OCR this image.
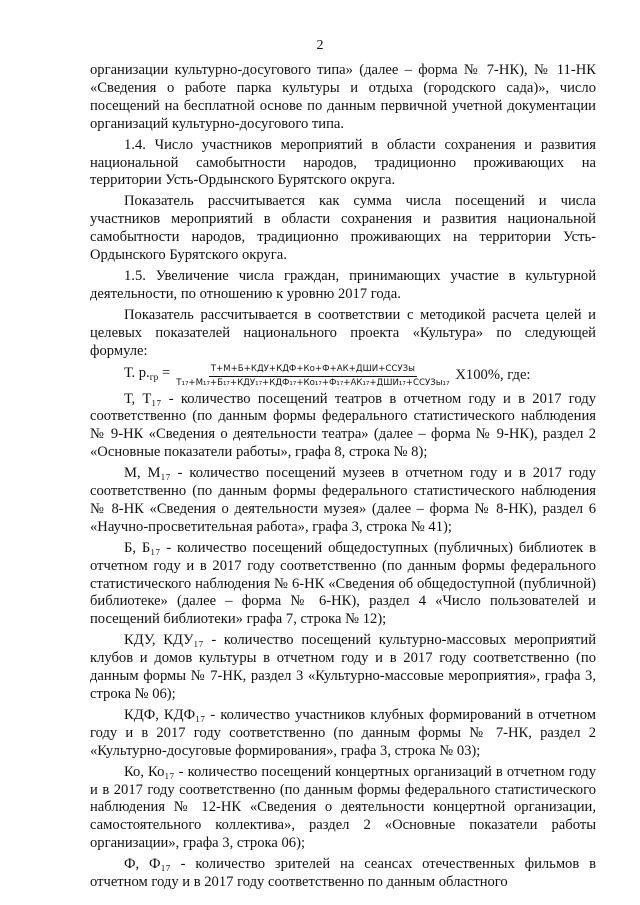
2

организации культурно-досугового типа» (далее – форма № 7-НК), № 11-НК «Сведения о работе парка культуры и отдыха (городского сада)», число посещений на бесплатной основе по данным первичной учетной документации организаций культурно-досугового типа.

1.4. Число участников мероприятий в области сохранения и развития национальной самобытности народов, традиционно проживающих на территории Усть-Ордынского Бурятского округа.

Показатель рассчитывается как сумма числа посещений и числа участников мероприятий в области сохранения и развития национальной самобытности народов, традиционно проживающих на территории Усть-Ордынского Бурятского округа.

1.5. Увеличение числа граждан, принимающих участие в культурной деятельности, по отношению к уровню 2017 года.

Показатель рассчитывается в соответствии с методикой расчета целей и целевых показателей национального проекта «Культура» по следующей формуле:

Т. $р._{гр} = \frac{\text{Т+М+Б+КДУ+КДФ+Ко+Ф+АК+ДШИ+ССУЗы}}{\text{Т₁₇+М₁₇+Б₁₇+КДУ₁₇+КДФ₁₇+Ко₁₇+Ф₁₇+АК₁₇+ДШИ₁₇+ССУЗы₁₇}} Х100\%$, где:

Т, Т₁₇ - количество посещений театров в отчетном году и в 2017 году соответственно (по данным формы федерального статистического наблюдения № 9-НК «Сведения о деятельности театра» (далее – форма № 9-НК), раздел 2 «Основные показатели работы», графа 8, строка № 8);

М, М₁₇ - количество посещений музеев в отчетном году и в 2017 году соответственно (по данным формы федерального статистического наблюдения № 8-НК «Сведения о деятельности музея» (далее – форма № 8-НК), раздел 6 «Научно-просветительная работа», графа 3, строка № 41);

Б, Б₁₇ - количество посещений общедоступных (публичных) библиотек в отчетном году и в 2017 году соответственно (по данным формы федерального статистического наблюдения № 6-НК «Сведения об общедоступной (публичной) библиотеке» (далее – форма № 6-НК), раздел 4 «Число пользователей и посещений библиотеки» графа 7, строка № 12);

КДУ, КДУ₁₇ - количество посещений культурно-массовых мероприятий клубов и домов культуры в отчетном году и в 2017 году соответственно (по данным формы № 7-НК, раздел 3 «Культурно-массовые мероприятия», графа 3, строка № 06);

КДФ, КДФ₁₇ - количество участников клубных формирований в отчетном году и в 2017 году соответственно (по данным формы № 7-НК, раздел 2 «Культурно-досуговые формирования», графа 3, строка № 03);

Ко, Ко₁₇ - количество посещений концертных организаций в отчетном году и в 2017 году соответственно (по данным формы федерального статистического наблюдения № 12-НК «Сведения о деятельности концертной организации, самостоятельного коллектива», раздел 2 «Основные показатели работы организации», графа 3, строка 06);

Ф, Ф₁₇ - количество зрителей на сеансах отечественных фильмов в отчетном году и в 2017 году соответственно по данным областного
